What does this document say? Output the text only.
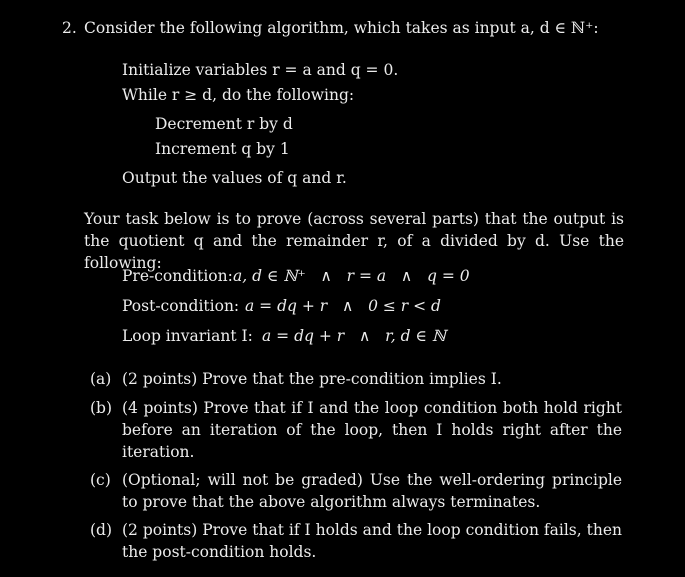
2. Consider the following algorithm, which takes as input a, d ∈ ℕ⁺:
Initialize variables r = a and q = 0.
While r ≥ d, do the following:
Decrement r by d
Increment q by 1
Output the values of q and r.
Your task below is to prove (across several parts) that the output is the quotient q and the remainder r, of a divided by d. Use the following:
Pre-condition: a, d ∈ ℕ⁺   ∧   r = a   ∧   q = 0
Post-condition: a = dq + r   ∧   0 ≤ r < d
Loop invariant I: a = dq + r   ∧   r, d ∈ ℕ
(a) (2 points) Prove that the pre-condition implies I.
(b) (4 points) Prove that if I and the loop condition both hold right before an iteration of the loop, then I holds right after the iteration.
(c) (Optional; will not be graded) Use the well-ordering principle to prove that the above algorithm always terminates.
(d) (2 points) Prove that if I holds and the loop condition fails, then the post-condition holds.
